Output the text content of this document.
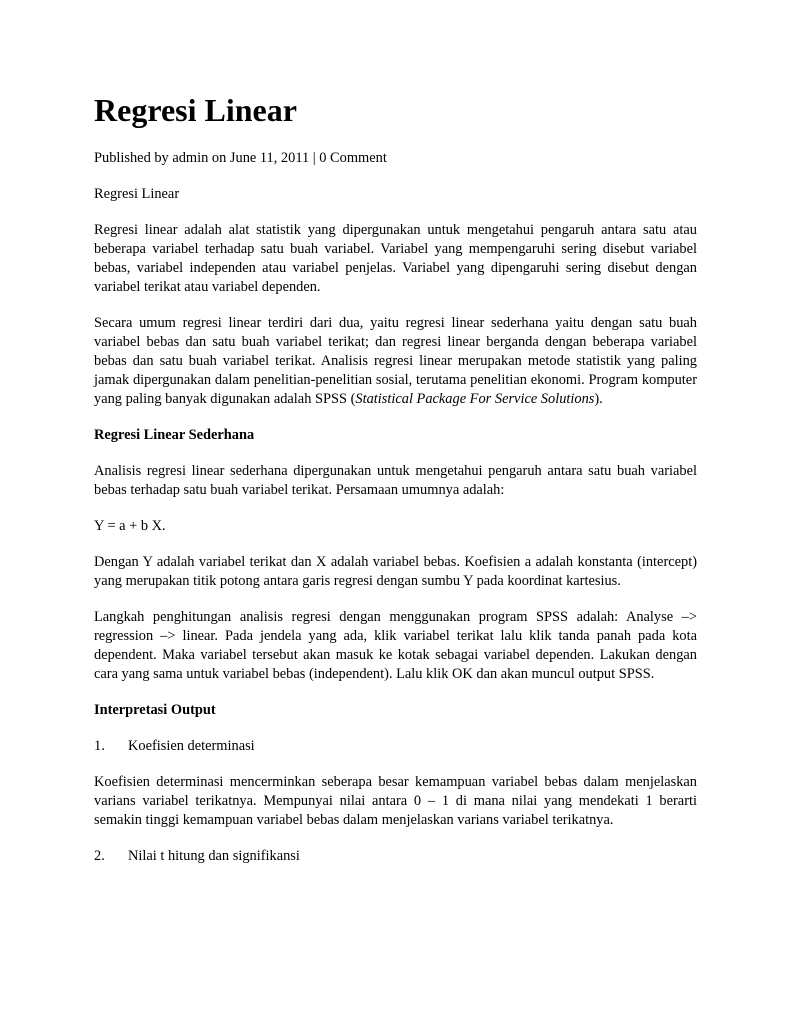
Regresi Linear

Published by admin on June 11, 2011 | 0 Comment

Regresi Linear

Regresi linear adalah alat statistik yang dipergunakan untuk mengetahui pengaruh antara satu atau beberapa variabel terhadap satu buah variabel. Variabel yang mempengaruhi sering disebut variabel bebas, variabel independen atau variabel penjelas. Variabel yang dipengaruhi sering disebut dengan variabel terikat atau variabel dependen.

Secara umum regresi linear terdiri dari dua, yaitu regresi linear sederhana yaitu dengan satu buah variabel bebas dan satu buah variabel terikat; dan regresi linear berganda dengan beberapa variabel bebas dan satu buah variabel terikat. Analisis regresi linear merupakan metode statistik yang paling jamak dipergunakan dalam penelitian-penelitian sosial, terutama penelitian ekonomi. Program komputer yang paling banyak digunakan adalah SPSS (Statistical Package For Service Solutions).

Regresi Linear Sederhana

Analisis regresi linear sederhana dipergunakan untuk mengetahui pengaruh antara satu buah variabel bebas terhadap satu buah variabel terikat. Persamaan umumnya adalah:

Y = a + b X.

Dengan Y adalah variabel terikat dan X adalah variabel bebas. Koefisien a adalah konstanta (intercept) yang merupakan titik potong antara garis regresi dengan sumbu Y pada koordinat kartesius.

Langkah penghitungan analisis regresi dengan menggunakan program SPSS adalah: Analyse –> regression –> linear. Pada jendela yang ada, klik variabel terikat lalu klik tanda panah pada kota dependent. Maka variabel tersebut akan masuk ke kotak sebagai variabel dependen. Lakukan dengan cara yang sama untuk variabel bebas (independent). Lalu klik OK dan akan muncul output SPSS.

Interpretasi Output

1.	Koefisien determinasi

Koefisien determinasi mencerminkan seberapa besar kemampuan variabel bebas dalam menjelaskan varians variabel terikatnya. Mempunyai nilai antara 0 – 1 di mana nilai yang mendekati 1 berarti semakin tinggi kemampuan variabel bebas dalam menjelaskan varians variabel terikatnya.

2.	Nilai t hitung dan signifikansi
